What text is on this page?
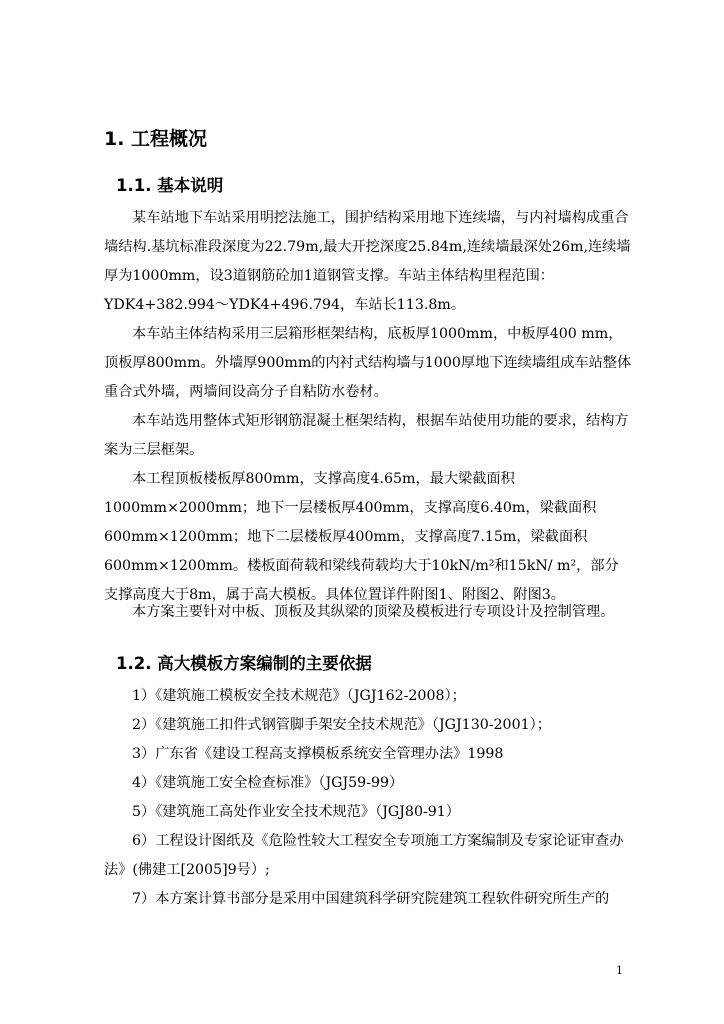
1. 工程概况
1.1. 基本说明

某车站地下车站采用明挖法施工，围护结构采用地下连续墙，与内衬墙构成重合墙结构.基坑标准段深度为22.79m,最大开挖深度25.84m,连续墙最深处26m,连续墙厚为1000mm，设3道钢筋砼加1道钢管支撑。车站主体结构里程范围：YDK4+382.994～YDK4+496.794，车站长113.8m。

本车站主体结构采用三层箱形框架结构，底板厚1000mm，中板厚400 mm，顶板厚800mm。外墙厚900mm的内衬式结构墙与1000厚地下连续墙组成车站整体重合式外墙，两墙间设高分子自粘防水卷材。

本车站选用整体式矩形钢筋混凝土框架结构，根据车站使用功能的要求，结构方案为三层框架。

本工程顶板楼板厚800mm，支撑高度4.65m，最大梁截面积1000mm×2000mm；地下一层楼板厚400mm，支撑高度6.40m，梁截面积600mm×1200mm；地下二层楼板厚400mm，支撑高度7.15m，梁截面积600mm×1200mm。楼板面荷载和梁线荷载均大于10kN/m²和15kN/ m²，部分支撑高度大于8m，属于高大模板。具体位置详件附图1、附图2、附图3。

本方案主要针对中板、顶板及其纵梁的顶梁及模板进行专项设计及控制管理。

1.2. 高大模板方案编制的主要依据

1）《建筑施工模板安全技术规范》（JGJ162-2008）；

2）《建筑施工扣件式钢管脚手架安全技术规范》（JGJ130-2001）；

3）广东省《建设工程高支撑模板系统安全管理办法》1998

4）《建筑施工安全检查标准》（JGJ59-99）

5）《建筑施工高处作业安全技术规范》（JGJ80-91）

6）工程设计图纸及《危险性较大工程安全专项施工方案编制及专家论证审查办法》(佛建工[2005]9号）;

7）本方案计算书部分是采用中国建筑科学研究院建筑工程软件研究所生产的

1
